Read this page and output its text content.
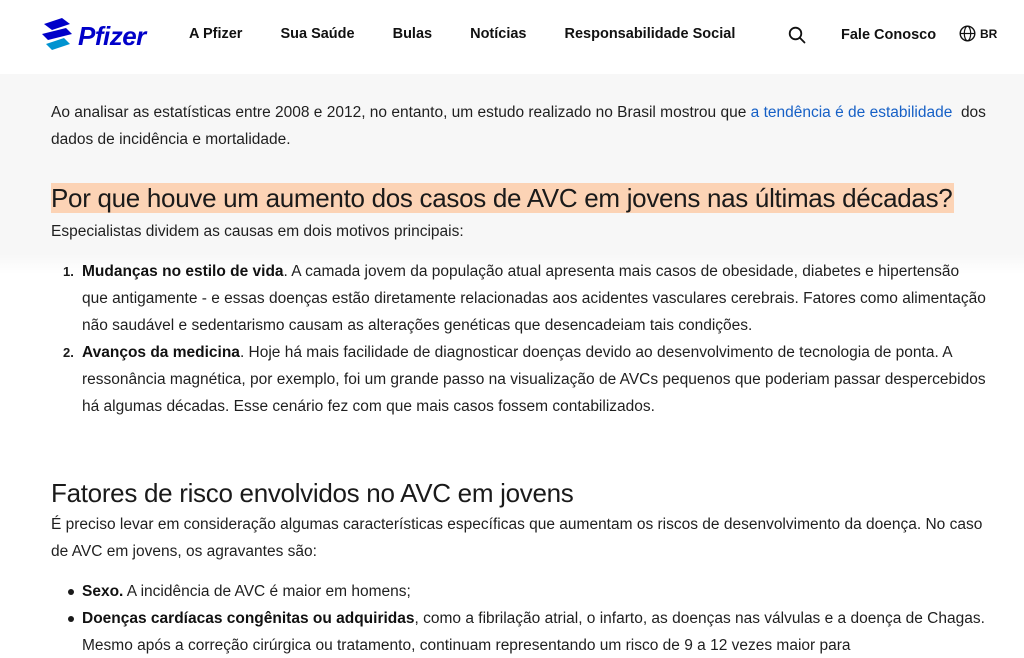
Pfizer	A Pfizer	Sua Saúde	Bulas	Notícias	Responsabilidade Social	Fale Conosco	BR

Ao analisar as estatísticas entre 2008 e 2012, no entanto, um estudo realizado no Brasil mostrou que a tendência é de estabilidade  dos dados de incidência e mortalidade.

Por que houve um aumento dos casos de AVC em jovens nas últimas décadas?

Especialistas dividem as causas em dois motivos principais:

1. Mudanças no estilo de vida. A camada jovem da população atual apresenta mais casos de obesidade, diabetes e hipertensão que antigamente - e essas doenças estão diretamente relacionadas aos acidentes vasculares cerebrais. Fatores como alimentação não saudável e sedentarismo causam as alterações genéticas que desencadeiam tais condições.
2. Avanços da medicina. Hoje há mais facilidade de diagnosticar doenças devido ao desenvolvimento de tecnologia de ponta. A ressonância magnética, por exemplo, foi um grande passo na visualização de AVCs pequenos que poderiam passar despercebidos há algumas décadas. Esse cenário fez com que mais casos fossem contabilizados.
Fatores de risco envolvidos no AVC em jovens

É preciso levar em consideração algumas características específicas que aumentam os riscos de desenvolvimento da doença. No caso de AVC em jovens, os agravantes são:

Sexo. A incidência de AVC é maior em homens;
Doenças cardíacas congênitas ou adquiridas, como a fibrilação atrial, o infarto, as doenças nas válvulas e a doença de Chagas. Mesmo após a correção cirúrgica ou tratamento, continuam representando um risco de 9 a 12 vezes maior para
